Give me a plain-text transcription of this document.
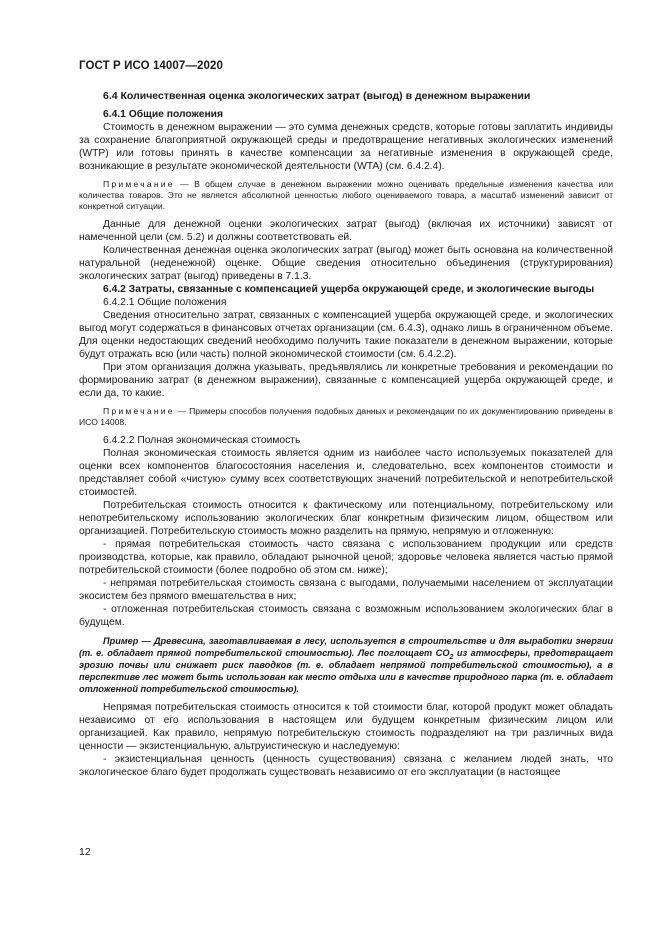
ГОСТ Р ИСО 14007—2020

6.4 Количественная оценка экологических затрат (выгод) в денежном выражении

6.4.1 Общие положения

Стоимость в денежном выражении — это сумма денежных средств, которые готовы заплатить индивиды за сохранение благоприятной окружающей среды и предотвращение негативных экологических изменений (WTP) или готовы принять в качестве компенсации за негативные изменения в окружающей среде, возникающие в результате экономической деятельности (WTA) (см. 6.4.2.4).

Примечание — В общем случае в денежном выражении можно оценивать предельные изменения качества или количества товаров. Это не является абсолютной ценностью любого оцениваемого товара, а масштаб изменений зависит от конкретной ситуации.

Данные для денежной оценки экологических затрат (выгод) (включая их источники) зависят от намеченной цели (см. 5.2) и должны соответствовать ей.

Количественная денежная оценка экологических затрат (выгод) может быть основана на количественной натуральной (неденежной) оценке. Общие сведения относительно объединения (структурирования) экологических затрат (выгод) приведены в 7.1.3.

6.4.2 Затраты, связанные с компенсацией ущерба окружающей среде, и экологические выгоды

6.4.2.1 Общие положения

Сведения относительно затрат, связанных с компенсацией ущерба окружающей среде, и экологических выгод могут содержаться в финансовых отчетах организации (см. 6.4.3), однако лишь в ограниченном объеме. Для оценки недостающих сведений необходимо получить такие показатели в денежном выражении, которые будут отражать всю (или часть) полной экономической стоимости (см. 6.4.2.2).

При этом организация должна указывать, предъявлялись ли конкретные требования и рекомендации по формированию затрат (в денежном выражении), связанные с компенсацией ущерба окружающей среде, и если да, то какие.

Примечание — Примеры способов получения подобных данных и рекомендации по их документированию приведены в ИСО 14008.

6.4.2.2 Полная экономическая стоимость

Полная экономическая стоимость является одним из наиболее часто используемых показателей для оценки всех компонентов благосостояния населения и, следовательно, всех компонентов стоимости и представляет собой «чистую» сумму всех соответствующих значений потребительской и непотребительской стоимостей.

Потребительская стоимость относится к фактическому или потенциальному, потребительскому или непотребительскому использованию экологических благ конкретным физическим лицом, обществом или организацией. Потребительскую стоимость можно разделить на прямую, непрямую и отложенную:

- прямая потребительская стоимость часто связана с использованием продукции или средств производства, которые, как правило, обладают рыночной ценой; здоровье человека является частью прямой потребительской стоимости (более подробно об этом см. ниже);

- непрямая потребительская стоимость связана с выгодами, получаемыми населением от эксплуатации экосистем без прямого вмешательства в них;

- отложенная потребительская стоимость связана с возможным использованием экологических благ в будущем.

Пример — Древесина, заготавливаемая в лесу, используется в строительстве и для выработки энергии (т. е. обладает прямой потребительской стоимостью). Лес поглощает $CO_2$ из атмосферы, предотвращает эрозию почвы или снижает риск паводков (т. е. обладает непрямой потребительской стоимостью), а в перспективе лес может быть использован как место отдыха или в качестве природного парка (т. е. обладает отложенной потребительской стоимостью).

Непрямая потребительская стоимость относится к той стоимости благ, которой продукт может обладать независимо от его использования в настоящем или будущем конкретным физическим лицом или организацией. Как правило, непрямую потребительскую стоимость подразделяют на три различных вида ценности — экзистенциальную, альтруистическую и наследуемую:

- экзистенциальная ценность (ценность существования) связана с желанием людей знать, что экологическое благо будет продолжать существовать независимо от его эксплуатации (в настоящее

12
